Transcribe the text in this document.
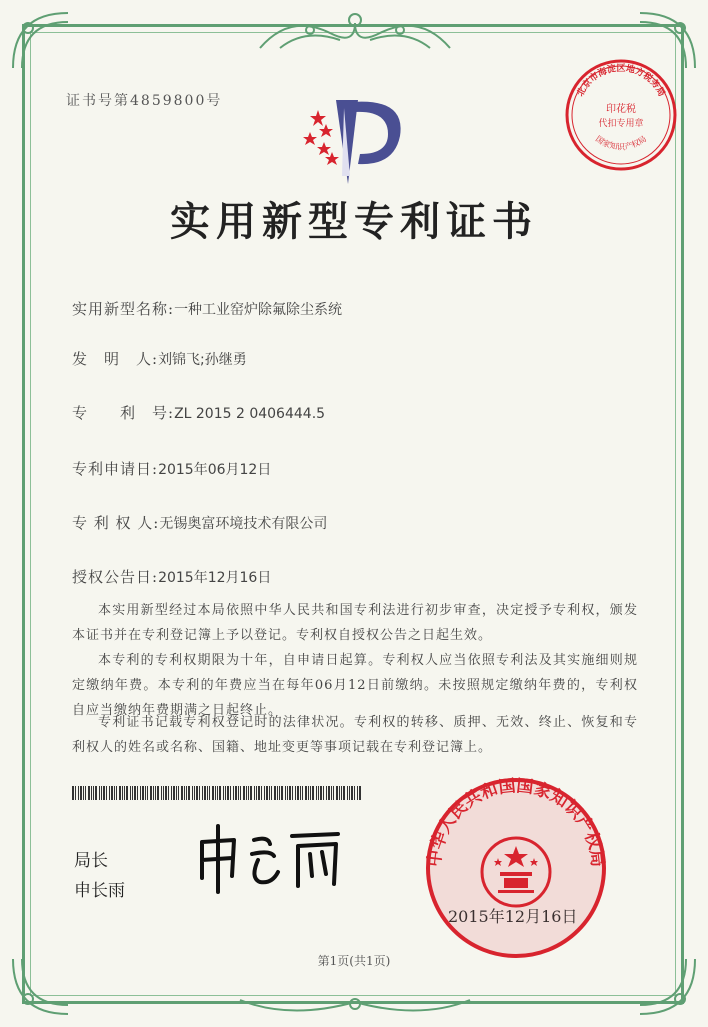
证书号第4859800号
北京市海淀区地方税务局
印花税
代扣专用章
国家知识产权局
实用新型专利证书
实用新型名称:一种工业窑炉除氟除尘系统
发　明　人:刘锦飞;孙继勇
专　　利　号:ZL 2015 2 0406444.5
专利申请日:2015年06月12日
专 利 权 人:无锡奥富环境技术有限公司
授权公告日:2015年12月16日
本实用新型经过本局依照中华人民共和国专利法进行初步审查，决定授予专利权，颁发本证书并在专利登记簿上予以登记。专利权自授权公告之日起生效。
本专利的专利权期限为十年，自申请日起算。专利权人应当依照专利法及其实施细则规定缴纳年费。本专利的年费应当在每年06月12日前缴纳。未按照规定缴纳年费的，专利权自应当缴纳年费期满之日起终止。
专利证书记载专利权登记时的法律状况。专利权的转移、质押、无效、终止、恢复和专利权人的姓名或名称、国籍、地址变更等事项记载在专利登记簿上。
局长
申长雨
中华人民共和国国家知识产权局
2015年12月16日
第1页(共1页)
